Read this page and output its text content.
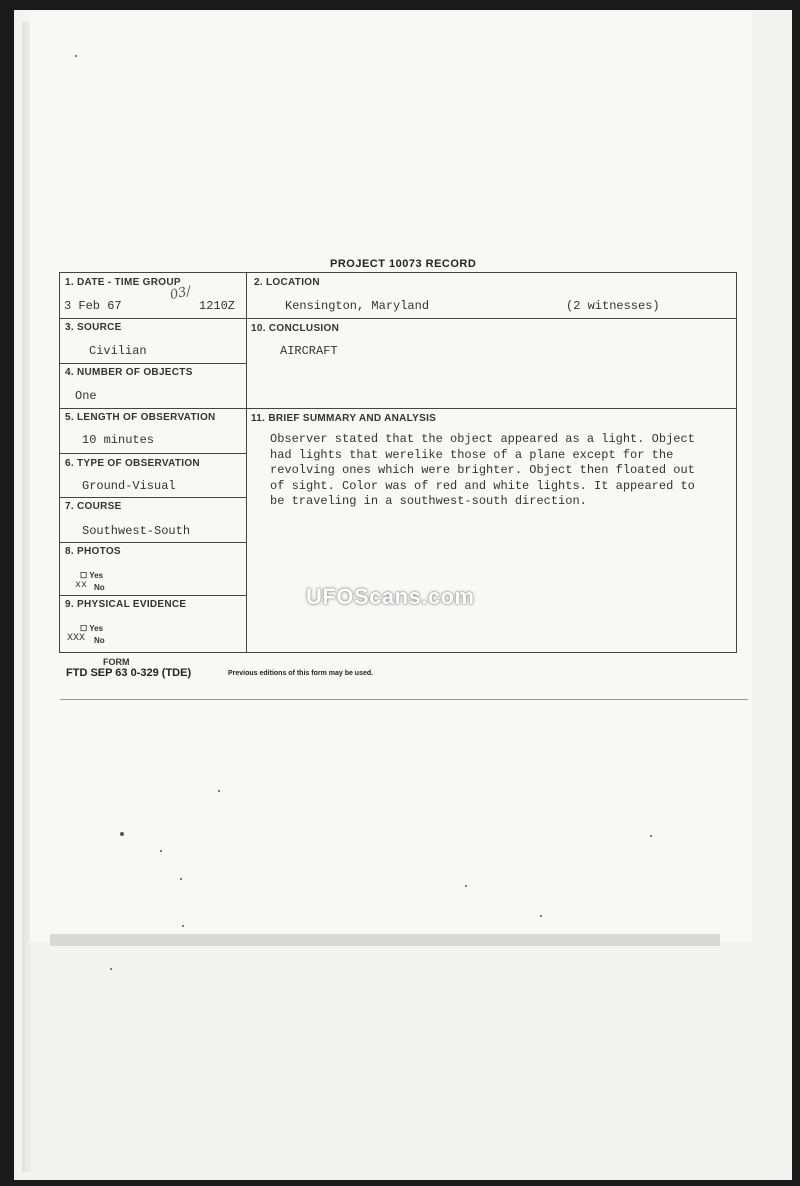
PROJECT 10073 RECORD
1. DATE - TIME GROUP
3 Feb 67
03/
1210Z
2. LOCATION
Kensington, Maryland	(2 witnesses)
3. SOURCE
Civilian
4. NUMBER OF OBJECTS
One
5. LENGTH OF OBSERVATION
10 minutes
6. TYPE OF OBSERVATION
Ground-Visual
7. COURSE
Southwest-South
8. PHOTOS
☐ Yes
xx No
9. PHYSICAL EVIDENCE
☐ Yes
XXX No
10. CONCLUSION
AIRCRAFT
11. BRIEF SUMMARY AND ANALYSIS
Observer stated that the object appeared as a light. Object
had lights that werelike those of a plane except for the
revolving ones which were brighter. Object then floated out
of sight. Color was of red and white lights. It appeared to
be traveling in a southwest-south direction.
UFOScans.com
FORM
FTD SEP 63 0-329 (TDE)	Previous editions of this form may be used.
